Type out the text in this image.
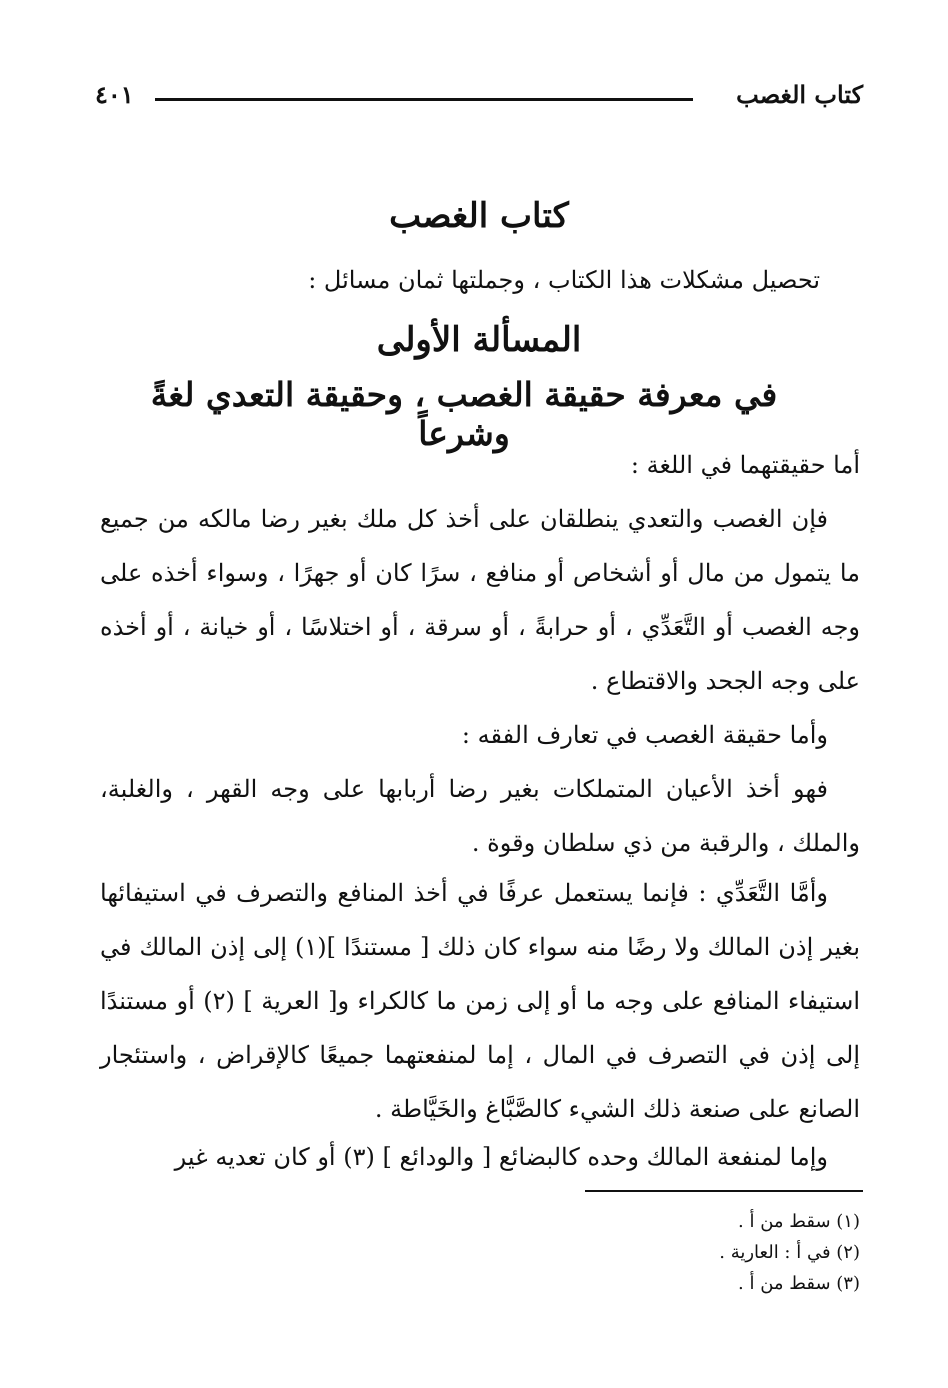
كتاب الغصب
٤٠١
كتاب الغصب
تحصيل مشكلات هذا الكتاب ، وجملتها ثمان مسائل :
المسألة الأولى
في معرفة حقيقة الغصب ، وحقيقة التعدي لغةً وشرعاً
أما حقيقتهما في اللغة :
فإن الغصب والتعدي ينطلقان على أخذ كل ملك بغير رضا مالكه من جميع ما يتمول من مال أو أشخاص أو منافع ، سرًا كان أو جهرًا ، وسواء أخذه على وجه الغصب أو التَّعَدِّي ، أو حرابةً ، أو سرقة ، أو اختلاسًا ، أو خيانة ، أو أخذه على وجه الجحد والاقتطاع .
وأما حقيقة الغصب في تعارف الفقه :
فهو أخذ الأعيان المتملكات بغير رضا أربابها على وجه القهر ، والغلبة، والملك ، والرقبة من ذي سلطان وقوة .
وأمَّا التَّعَدِّي : فإنما يستعمل عرفًا في أخذ المنافع والتصرف في استيفائها بغير إذن المالك ولا رضًا منه سواء كان ذلك [ مستندًا ](١) إلى إذن المالك في استيفاء المنافع على وجه ما أو إلى زمن ما كالكراء و[ العرية ] (٢) أو مستندًا إلى إذن في التصرف في المال ، إما لمنفعتهما جميعًا كالإقراض ، واستئجار الصانع على صنعة ذلك الشيء كالصَّبَّاغ والخَيَّاطة .
وإما لمنفعة المالك وحده كالبضائع [ والودائع ] (٣) أو كان تعديه غير
(١) سقط من أ .
(٢) في أ : العارية .
(٣) سقط من أ .
